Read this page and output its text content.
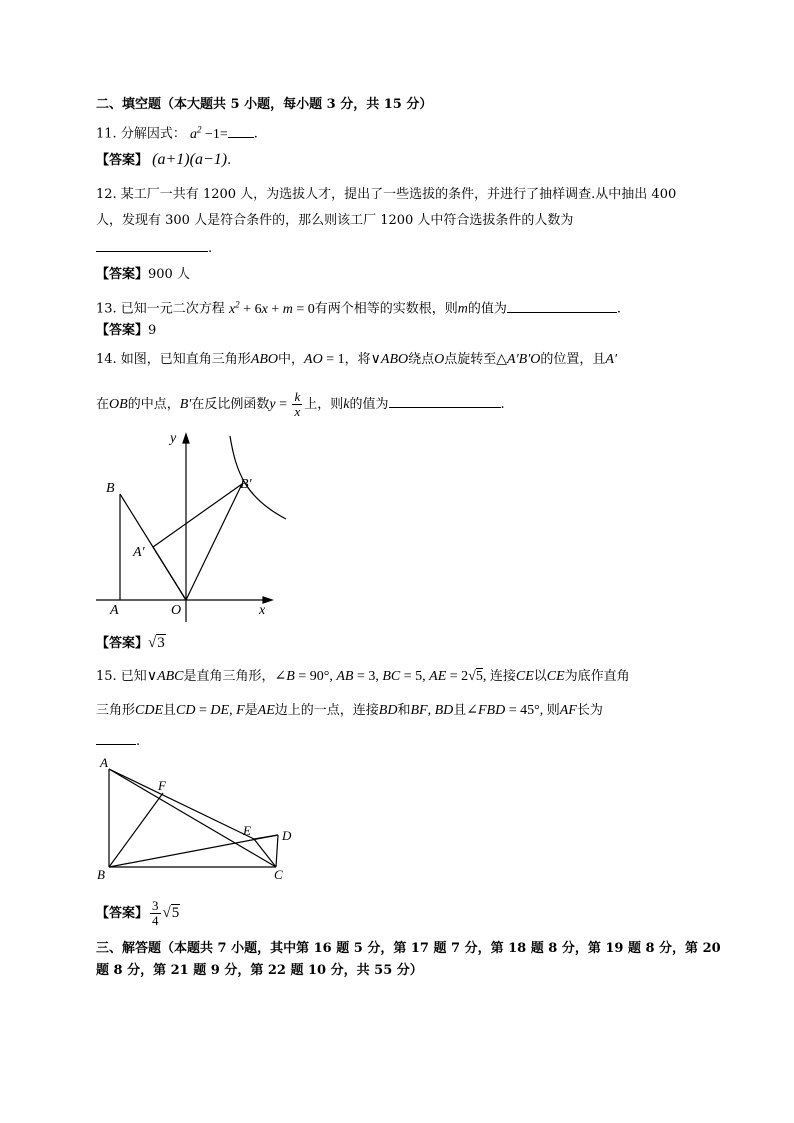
二、填空题（本大题共 5 小题，每小题 3 分，共 15 分）
11. 分解因式： $a^2 -1=$ .
【答案】 (a+1)(a−1).
12. 某工厂一共有 1200 人，为选拔人才，提出了一些选拔的条件，并进行了抽样调查.从中抽出 400
人，发现有 300 人是符合条件的，那么则该工厂 1200 人中符合选拔条件的人数为
.
【答案】900 人
13. 已知一元二次方程 $x^2 + 6x + m = 0$有两个相等的实数根，则m的值为	.
【答案】9
14. 如图，已知直角三角形ABO中，AO = 1，将∨ABO绕点O点旋转至△A′B′O的位置，且A′
在OB的中点，B′在反比例函数$y = \frac{k}{x}$ 上，则k的值为	.
y
x
B	B′
A′
A	O
【答案】√3
15. 已知∨ABC是直角三角形，∠B = 90°, AB = 3, BC = 5, AE = 2√5, 连接CE以CE为底作直角
三角形CDE且CD = DE, F是AE边上的一点，连接BD和BF, BD且∠FBD = 45°, 则AF长为
.
A
F
E D
B	C
【答案】 $\frac{3}{4} √5$
三、解答题（本题共 7 小题，其中第 16 题 5 分，第 17 题 7 分，第 18 题 8 分，第 19 题 8 分，第 20
题 8 分，第 21 题 9 分，第 22 题 10 分，共 55 分）
